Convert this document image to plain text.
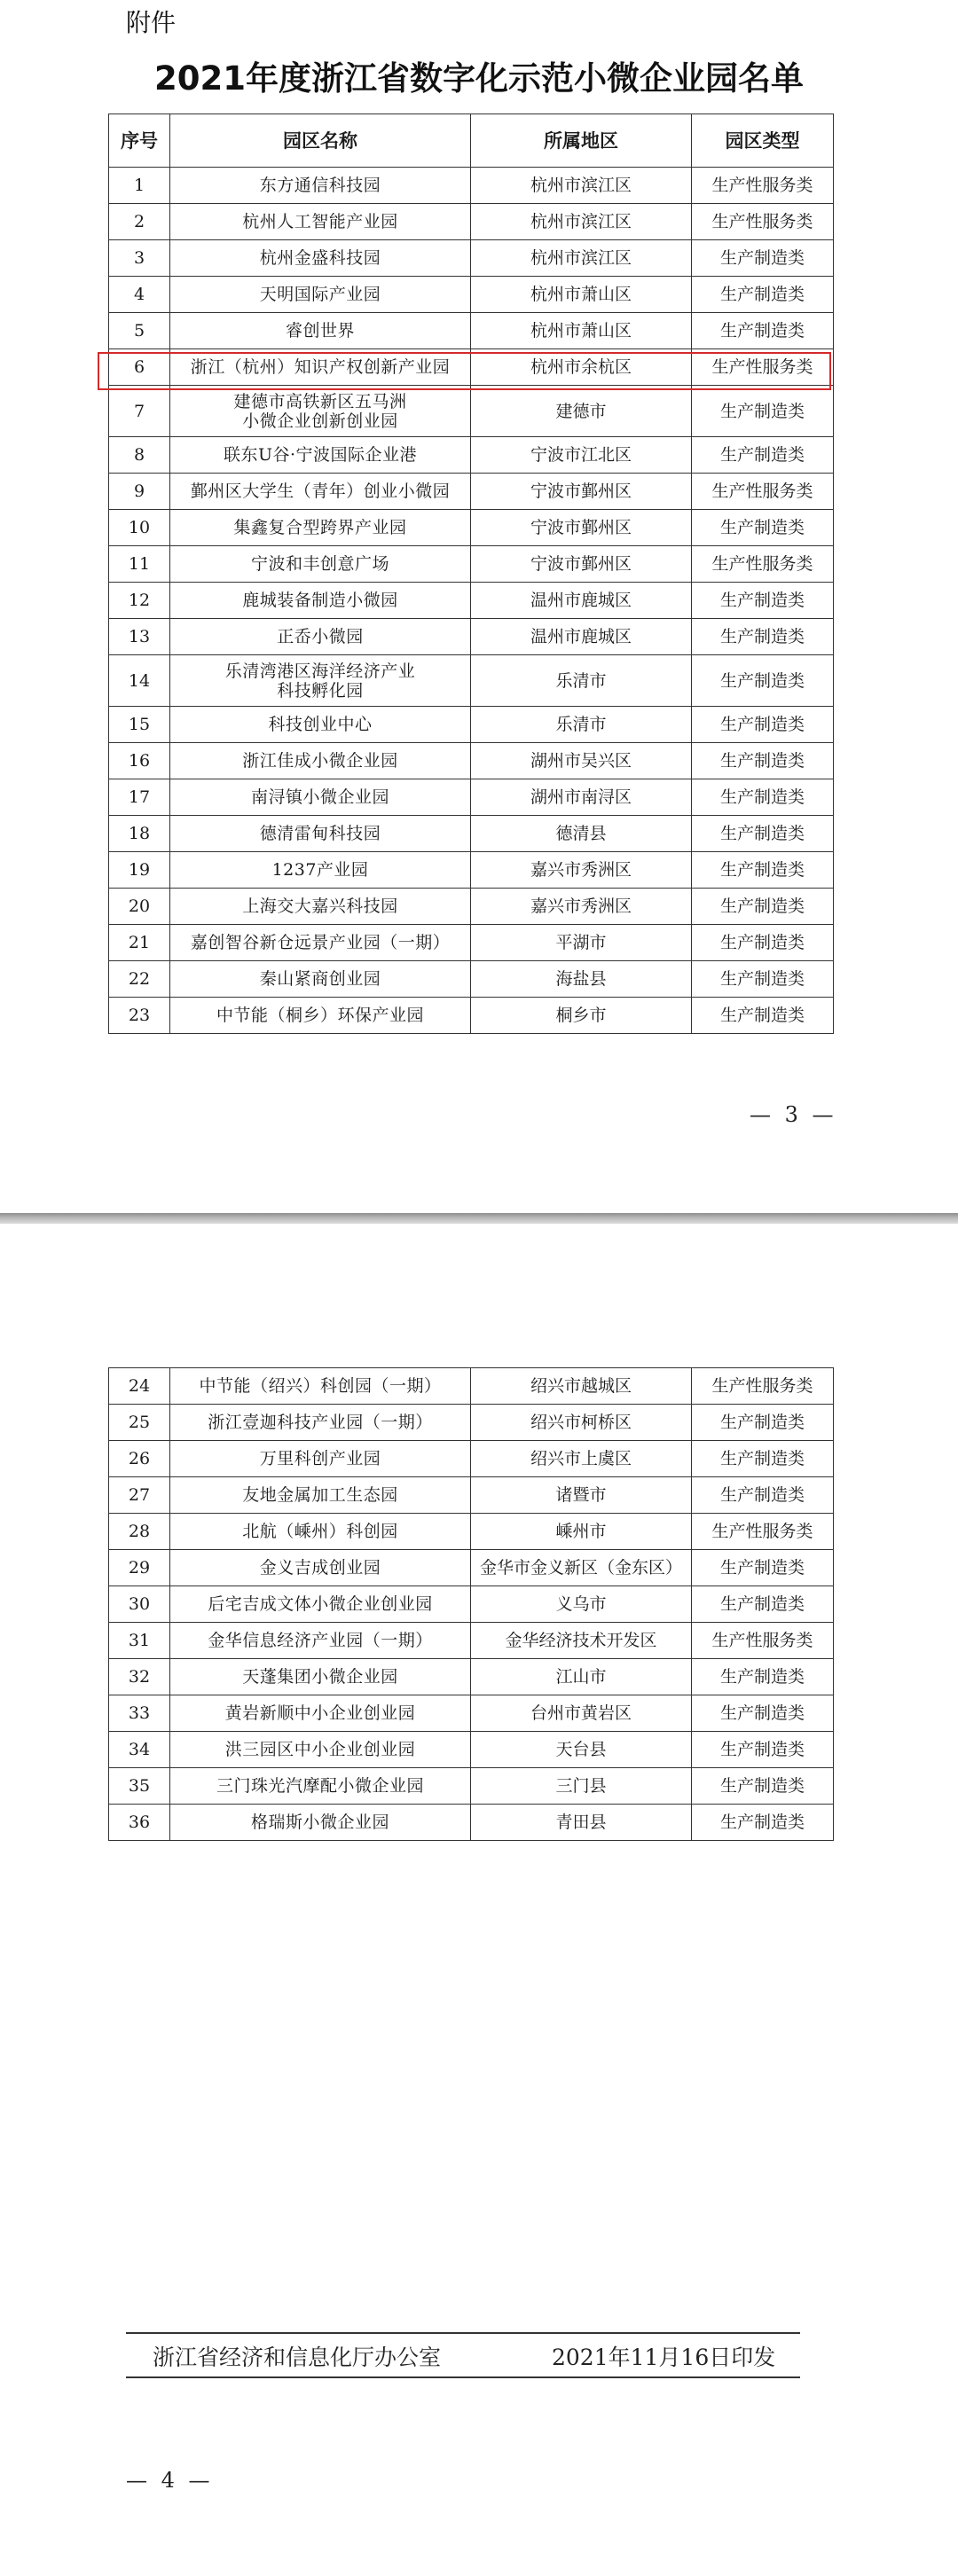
附件
2021年度浙江省数字化示范小微企业园名单
序号	园区名称	所属地区	园区类型
1	东方通信科技园	杭州市滨江区	生产性服务类
2	杭州人工智能产业园	杭州市滨江区	生产性服务类
3	杭州金盛科技园	杭州市滨江区	生产制造类
4	天明国际产业园	杭州市萧山区	生产制造类
5	睿创世界	杭州市萧山区	生产制造类
6	浙江（杭州）知识产权创新产业园	杭州市余杭区	生产性服务类
7	建德市高铁新区五马洲
小微企业创新创业园	建德市	生产制造类
8	联东U谷·宁波国际企业港	宁波市江北区	生产制造类
9	鄞州区大学生（青年）创业小微园	宁波市鄞州区	生产性服务类
10	集鑫复合型跨界产业园	宁波市鄞州区	生产制造类
11	宁波和丰创意广场	宁波市鄞州区	生产性服务类
12	鹿城装备制造小微园	温州市鹿城区	生产制造类
13	正岙小微园	温州市鹿城区	生产制造类
14	乐清湾港区海洋经济产业
科技孵化园	乐清市	生产制造类
15	科技创业中心	乐清市	生产制造类
16	浙江佳成小微企业园	湖州市吴兴区	生产制造类
17	南浔镇小微企业园	湖州市南浔区	生产制造类
18	德清雷甸科技园	德清县	生产制造类
19	1237产业园	嘉兴市秀洲区	生产制造类
20	上海交大嘉兴科技园	嘉兴市秀洲区	生产制造类
21	嘉创智谷新仓远景产业园（一期）	平湖市	生产制造类
22	秦山紧商创业园	海盐县	生产制造类
23	中节能（桐乡）环保产业园	桐乡市	生产制造类
— 3 —
浙江省经济和信息化厅办公室	2021年11月16日印发
— 4 —
24	中节能（绍兴）科创园（一期）	绍兴市越城区	生产性服务类
25	浙江壹迦科技产业园（一期）	绍兴市柯桥区	生产制造类
26	万里科创产业园	绍兴市上虞区	生产制造类
27	友地金属加工生态园	诸暨市	生产制造类
28	北航（嵊州）科创园	嵊州市	生产性服务类
29	金义吉成创业园	金华市金义新区（金东区）	生产制造类
30	后宅吉成文体小微企业创业园	义乌市	生产制造类
31	金华信息经济产业园（一期）	金华经济技术开发区	生产性服务类
32	天蓬集团小微企业园	江山市	生产制造类
33	黄岩新顺中小企业创业园	台州市黄岩区	生产制造类
34	洪三园区中小企业创业园	天台县	生产制造类
35	三门珠光汽摩配小微企业园	三门县	生产制造类
36	格瑞斯小微企业园	青田县	生产制造类
